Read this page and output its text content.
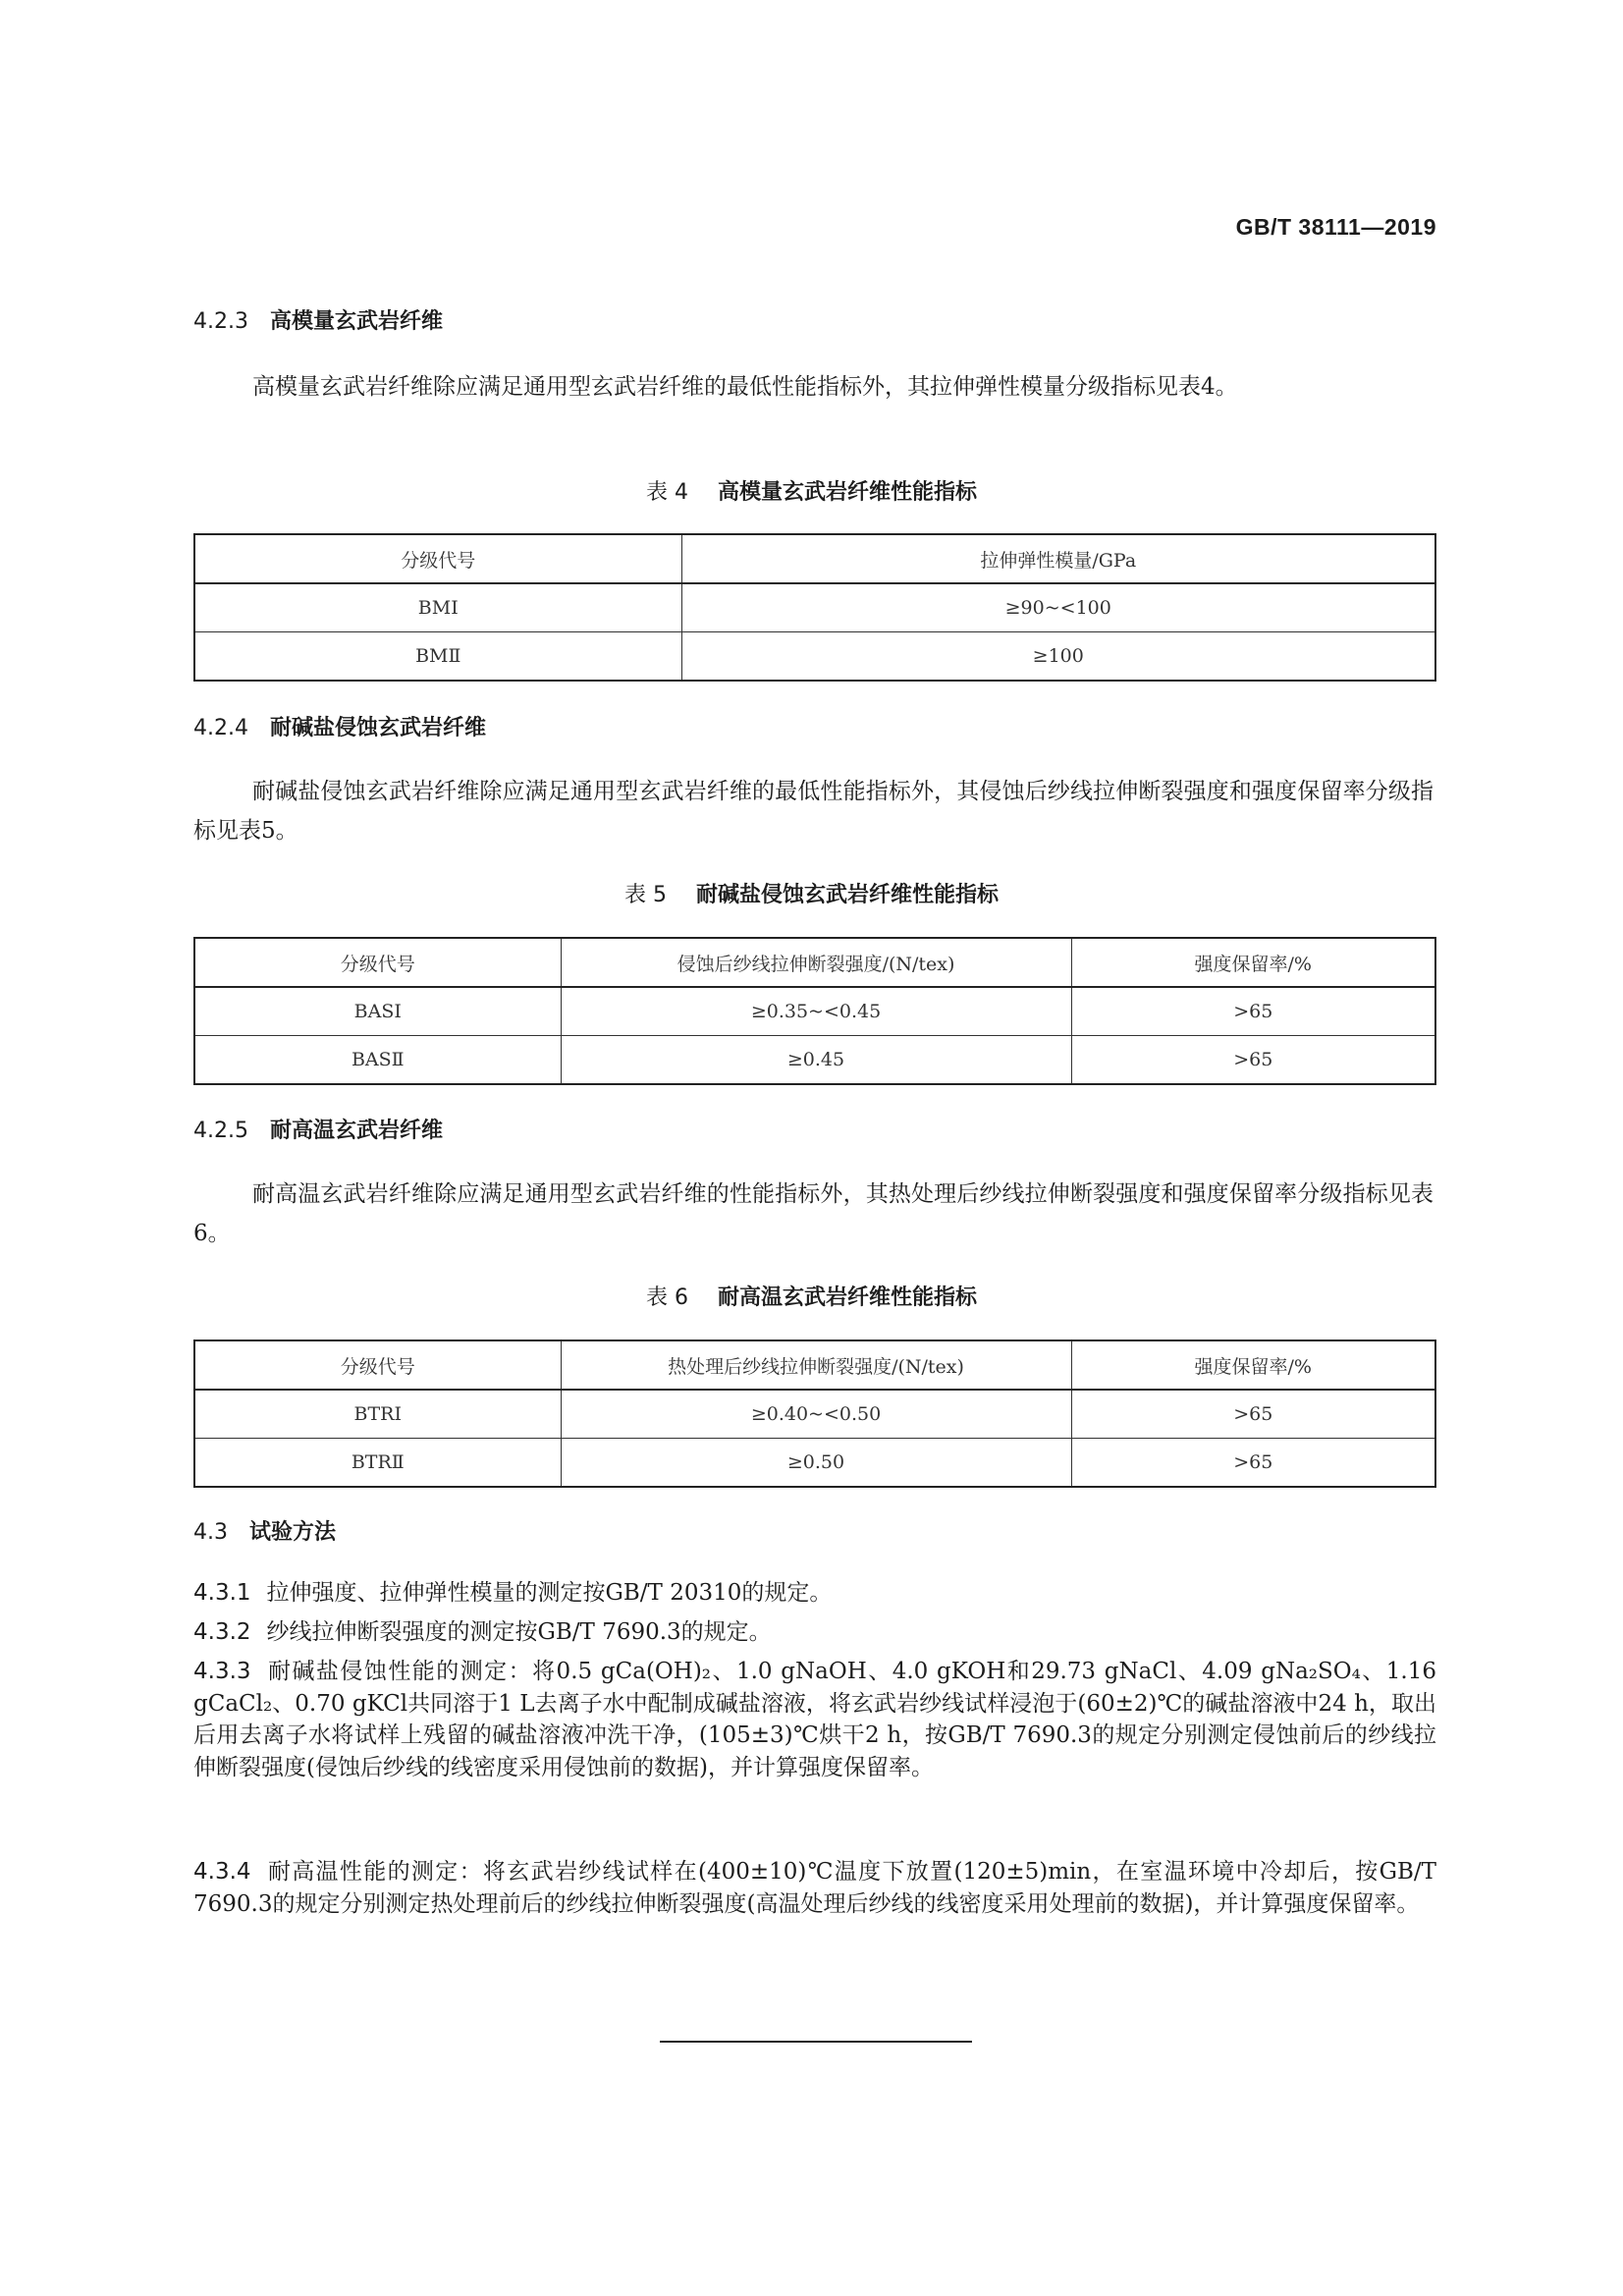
GB/T 38111—2019
4.2.3 高模量玄武岩纤维
高模量玄武岩纤维除应满足通用型玄武岩纤维的最低性能指标外，其拉伸弹性模量分级指标见表4。
表 4 高模量玄武岩纤维性能指标
分级代号	拉伸弹性模量/GPa
BMⅠ	≥90~<100
BMⅡ	≥100
4.2.4 耐碱盐侵蚀玄武岩纤维
耐碱盐侵蚀玄武岩纤维除应满足通用型玄武岩纤维的最低性能指标外，其侵蚀后纱线拉伸断裂强度和强度保留率分级指标见表5。
表 5 耐碱盐侵蚀玄武岩纤维性能指标
分级代号	侵蚀后纱线拉伸断裂强度/(N/tex)	强度保留率/%
BASⅠ	≥0.35~<0.45	>65
BASⅡ	≥0.45	>65
4.2.5 耐高温玄武岩纤维
耐高温玄武岩纤维除应满足通用型玄武岩纤维的性能指标外，其热处理后纱线拉伸断裂强度和强度保留率分级指标见表6。
表 6 耐高温玄武岩纤维性能指标
分级代号	热处理后纱线拉伸断裂强度/(N/tex)	强度保留率/%
BTRⅠ	≥0.40~<0.50	>65
BTRⅡ	≥0.50	>65
4.3 试验方法
4.3.1 拉伸强度、拉伸弹性模量的测定按GB/T 20310的规定。
4.3.2 纱线拉伸断裂强度的测定按GB/T 7690.3的规定。
4.3.3 耐碱盐侵蚀性能的测定：将0.5 gCa(OH)₂、1.0 gNaOH、4.0 gKOH和29.73 gNaCl、4.09 gNa₂SO₄、1.16 gCaCl₂、0.70 gKCl共同溶于1 L去离子水中配制成碱盐溶液，将玄武岩纱线试样浸泡于(60±2)℃的碱盐溶液中24 h，取出后用去离子水将试样上残留的碱盐溶液冲洗干净，(105±3)℃烘干2 h，按GB/T 7690.3的规定分别测定侵蚀前后的纱线拉伸断裂强度(侵蚀后纱线的线密度采用侵蚀前的数据)，并计算强度保留率。
4.3.4 耐高温性能的测定：将玄武岩纱线试样在(400±10)℃温度下放置(120±5)min，在室温环境中冷却后，按GB/T 7690.3的规定分别测定热处理前后的纱线拉伸断裂强度(高温处理后纱线的线密度采用处理前的数据)，并计算强度保留率。
